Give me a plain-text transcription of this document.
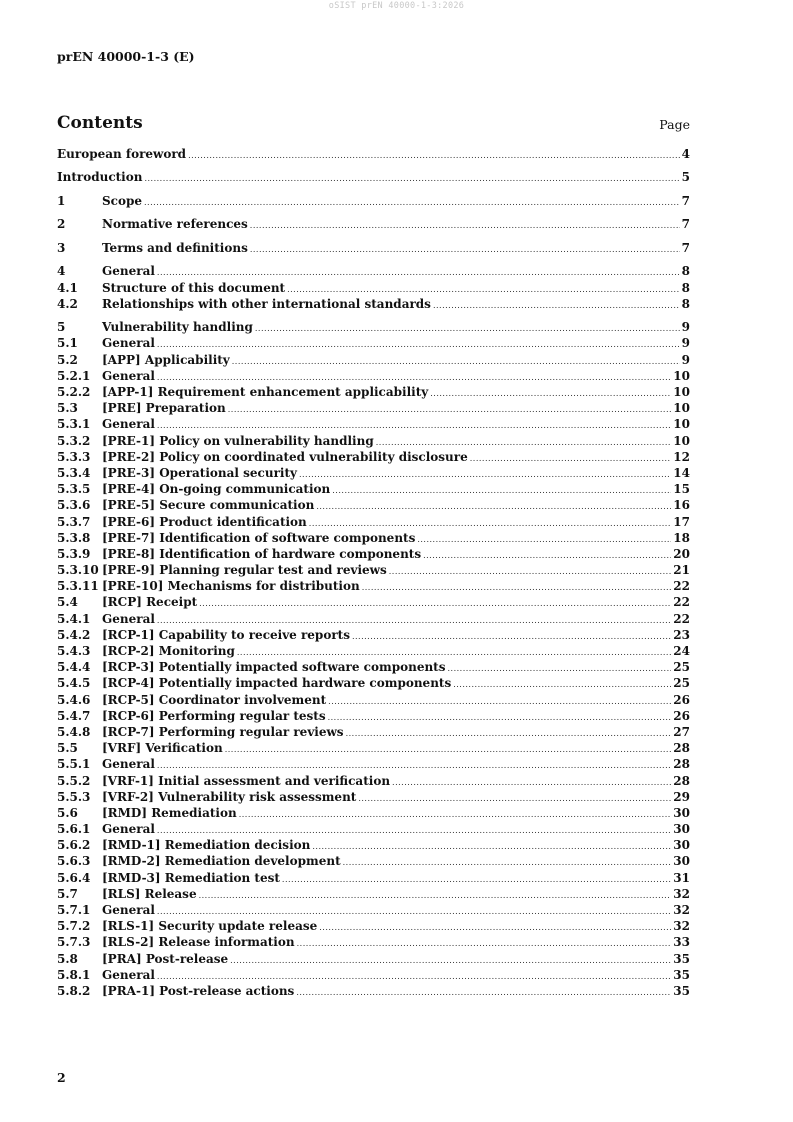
oSIST prEN 40000-1-3:2026
prEN 40000-1-3 (E)
Contents	Page
European foreword .....	4
Introduction .....	5
1	Scope .....	7
2	Normative references .....	7
3	Terms and definitions .....	7
4	General .....	8
4.1	Structure of this document .....	8
4.2	Relationships with other international standards .....	8
5	Vulnerability handling .....	9
5.1	General .....	9
5.2	[APP] Applicability .....	9
5.2.1 General .....	10
5.2.2 [APP-1] Requirement enhancement applicability .....	10
5.3	[PRE] Preparation .....	10
5.3.1 General .....	10
5.3.2 [PRE-1] Policy on vulnerability handling .....	10
5.3.3 [PRE-2] Policy on coordinated vulnerability disclosure .....	12
5.3.4 [PRE-3] Operational security .....	14
5.3.5 [PRE-4] On-going communication .....	15
5.3.6 [PRE-5] Secure communication .....	16
5.3.7 [PRE-6] Product identification .....	17
5.3.8 [PRE-7] Identification of software components .....	18
5.3.9 [PRE-8] Identification of hardware components .....	20
5.3.10 [PRE-9] Planning regular test and reviews .....	21
5.3.11 [PRE-10] Mechanisms for distribution .....	22
5.4	[RCP] Receipt .....	22
5.4.1 General .....	22
5.4.2 [RCP-1] Capability to receive reports .....	23
5.4.3 [RCP-2] Monitoring .....	24
5.4.4 [RCP-3] Potentially impacted software components .....	25
5.4.5 [RCP-4] Potentially impacted hardware components .....	25
5.4.6 [RCP-5] Coordinator involvement .....	26
5.4.7 [RCP-6] Performing regular tests .....	26
5.4.8 [RCP-7] Performing regular reviews .....	27
5.5	[VRF] Verification .....	28
5.5.1 General .....	28
5.5.2 [VRF-1] Initial assessment and verification .....	28
5.5.3 [VRF-2] Vulnerability risk assessment .....	29
5.6	[RMD] Remediation .....	30
5.6.1 General .....	30
5.6.2 [RMD-1] Remediation decision .....	30
5.6.3 [RMD-2] Remediation development .....	30
5.6.4 [RMD-3] Remediation test .....	31
5.7	[RLS] Release .....	32
5.7.1 General .....	32
5.7.2 [RLS-1] Security update release .....	32
5.7.3 [RLS-2] Release information .....	33
5.8	[PRA] Post-release .....	35
5.8.1 General .....	35
5.8.2 [PRA-1] Post-release actions .....	35
2
